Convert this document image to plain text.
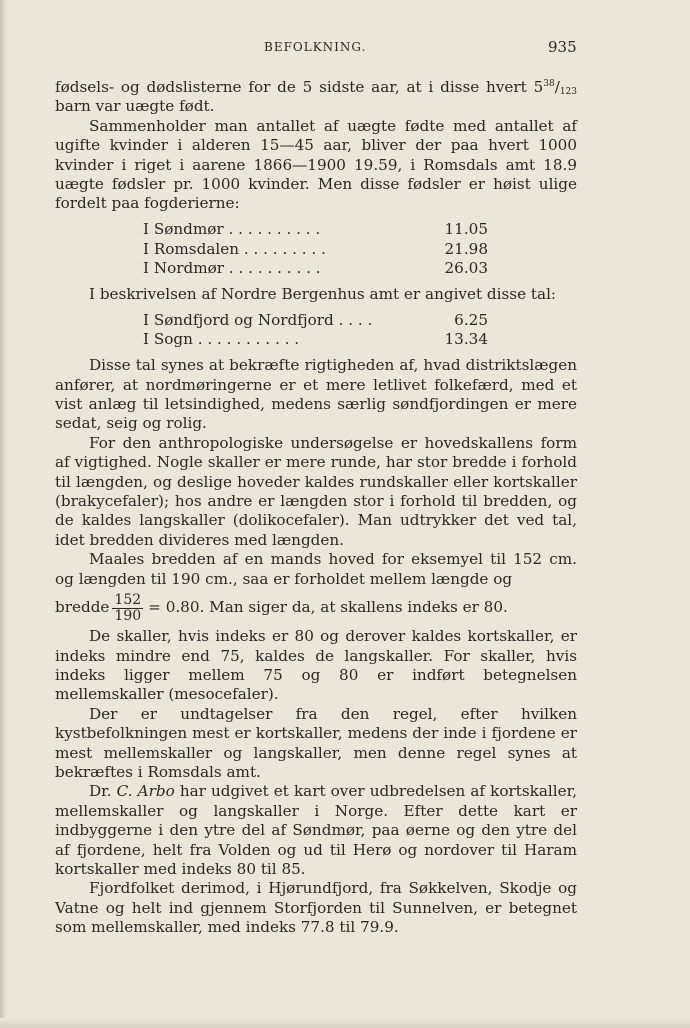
BEFOLKNING.	935

fødsels- og dødslisterne for de 5 sidste aar, at i disse hvert $5^{38}/_{123}$ barn var uægte født.

Sammenholder man antallet af uægte fødte med antallet af ugifte kvinder i alderen 15—45 aar, bliver der paa hvert 1000 kvinder i riget i aarene 1866—1900 19.59, i Romsdals amt 18.9 uægte fødsler pr. 1000 kvinder. Men disse fødsler er høist ulige fordelt paa fogderierne:

I Søndmør . . . . . . . . . .	11.05
I Romsdalen . . . . . . . . .	21.98
I Nordmør . . . . . . . . . .	26.03

I beskrivelsen af Nordre Bergenhus amt er angivet disse tal:

I Søndfjord og Nordfjord . . . .	6.25
I Sogn . . . . . . . . . . .	13.34

Disse tal synes at bekræfte rigtigheden af, hvad distriktslægen anfører, at nordmøringerne er et mere letlivet folkefærd, med et vist anlæg til letsindighed, medens særlig søndfjordingen er mere sedat, seig og rolig.

For den anthropologiske undersøgelse er hovedskallens form af vigtighed. Nogle skaller er mere runde, har stor bredde i forhold til længden, og deslige hoveder kaldes rundskaller eller kortskaller (brakycefaler); hos andre er længden stor i forhold til bredden, og de kaldes langskaller (dolikocefaler). Man udtrykker det ved tal, idet bredden divideres med længden.

Maales bredden af en mands hoved for eksemyel til 152 cm. og længden til 190 cm., saa er forholdet mellem længde og

bredde $\frac{152}{190} = 0.80$. Man siger da, at skallens indeks er 80.

De skaller, hvis indeks er 80 og derover kaldes kortskaller, er indeks mindre end 75, kaldes de langskaller. For skaller, hvis indeks ligger mellem 75 og 80 er indført betegnelsen mellemskaller (mesocefaler).

Der er undtagelser fra den regel, efter hvilken kystbefolkningen mest er kortskaller, medens der inde i fjordene er mest mellemskaller og langskaller, men denne regel synes at bekræftes i Romsdals amt.

Dr. C. Arbo har udgivet et kart over udbredelsen af kortskaller, mellemskaller og langskaller i Norge. Efter dette kart er indbyggerne i den ytre del af Søndmør, paa øerne og den ytre del af fjordene, helt fra Volden og ud til Herø og nordover til Haram kortskaller med indeks 80 til 85.

Fjordfolket derimod, i Hjørundfjord, fra Søkkelven, Skodje og Vatne og helt ind gjennem Storfjorden til Sunnelven, er betegnet som mellemskaller, med indeks 77.8 til 79.9.
